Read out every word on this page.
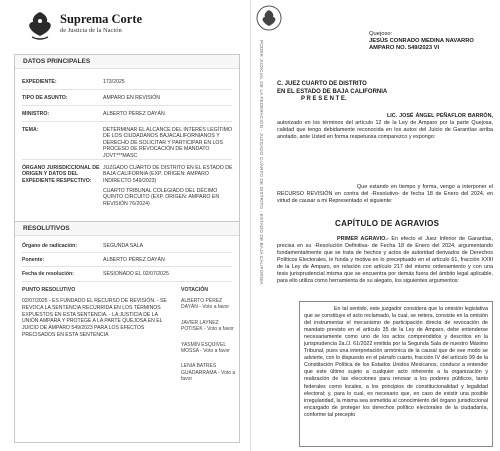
Suprema Corte
de Justicia de la Nación
DATOS PRINCIPALES
EXPEDIENTE:	173/2025
TIPO DE ASUNTO:	AMPARO EN REVISIÓN
MINISTRO:	ALBERTO PÉREZ DAYÁN
TEMA:	DETERMINAR EL ALCANCE DEL INTERÉS LEGÍTIMO DE LOS CIUDADANOS BAJACALIFORNIANOS Y DERECHO DE SOLICITAR Y PARTICIPAR EN LOS PROCESO DE REVOCACIÓN DE MANDATO JOVT***MASC
ÓRGANO JURISDICCIONAL DE ORIGEN Y DATOS DEL EXPEDIENTE RESPECTIVO:
JUZGADO CUARTO DE DISTRITO EN EL ESTADO DE BAJA CALIFORNIA (EXP. ORIGEN: AMPARO INDIRECTO 549/2023)
CUARTO TRIBUNAL COLEGIADO DEL DÉCIMO QUINTO CIRCUITO (EXP. ORIGEN: AMPARO EN REVISIÓN 76/2024)
RESOLUTIVOS
Órgano de radicación:	SEGUNDA SALA
Ponente:	ALBERTO PÉREZ DAYÁN
Fecha de resolución:	SESIONADO EL 02/07/2025
PUNTO RESOLUTIVO	VOTACIÓN
02/07/2025 - ES FUNDADO EL RECURSO DE REVISIÓN. - SE REVOCA LA SENTENCIA RECURRIDA EN LOS TÉRMINOS EXPUESTOS EN ESTA SENTENCIA. - LA JUSTICIA DE LA UNIÓN AMPARA Y PROTEGE A LA PARTE QUEJOSA EN EL JUICIO DE AMPARO 549/2023 PARA LOS EFECTOS PRECISADOS EN ESTA SENTENCIA
ALBERTO PÉREZ DAYÁN - Voto a favor
JAVIER LAYNEZ POTISEK - Voto a favor
YASMÍN ESQUIVEL MOSSA - Voto a favor
LENIA BATRES GUADARRAMA - Voto a favor
PODER JUDICIAL DE LA FEDERACIÓN · JUZGADO CUARTO DE DISTRITO · ESTADO DE BAJA CALIFORNIA
Quejoso:
JESÚS CONRADO MEDINA NAVARRO
AMPARO NO. 549/2023 VI
C. JUEZ CUARTO DE DISTRITO
EN EL ESTADO DE BAJA CALIFORNIA
P R E S E N T E.
LIC. JOSÉ ÁNGEL PEÑAFLOR BARRÓN, autorizado en los términos del artículo 12 de la Ley de Amparo por la parte Quejosa, calidad que tengo debidamente reconocida en los autos del Juicio de Garantías arriba anotado, ante Usted en forma respetuosa comparezco y expongo:
Que estando en tiempo y forma, vengo a interponer el RECURSO REVISIÓN en contra del -Resolutivo- de fecha 18 de Enero del 2024, en virtud de causar a mi Representado el siguiente:
CAPÍTULO DE AGRAVIOS
PRIMER AGRAVIO.- En efecto el Juez Inferior de Garantías, precisa en su -Resolución Definitiva- de Fecha 18 de Enero del 2024, argumentando fundamentalmente que se trata de hechos y actos de autoridad derivados de Derechos Políticos Electorales, le funda y motiva en lo preceptuado en el artículo 61, fracción XXIII de la Ley de Amparo, en relación con artículo 217 del mismo ordenamiento y con una tesis jurisprudencial misma que se encuentra por demás fuera del ámbito legal aplicable, para ello utiliza como herramienta de su alegato, los siguientes argumentos:
En tal sentido, este juzgador considera que la omisión legislativa que se constituye el acto reclamado, la cual, se reitera, consiste en la omisión del instrumentar el mecanismo de participación directa de revocación de mandato previsto en el artículo 35 de la Ley de Amparo, debe entenderse necesariamente como uno de los actos comprendidos y descritos en la jurisprudencia 2a./J. 61/2022 emitida por la Segunda Sala de nuestro Máximo Tribunal, pues una interpretación armónica de la causal que de ese modo se advierte, con lo dispuesto en el párrafo cuarto, fracción IV del artículo 99 de la Constitución Política de los Estados Unidos Mexicanos, conduce a entender que este último sujeto a cualquier acto inherente a la organización y realización de las elecciones para renovar a los poderes públicos, tanto federales como locales, a los principios de constitucionalidad y legalidad electoral; y, para lo cual, es necesario que, en caso de existir una posible irregularidad, la misma sea sometida al conocimiento del órgano jurisdiccional encargado de proteger los derechos político electorales de la ciudadanía, conforme tal precepto
